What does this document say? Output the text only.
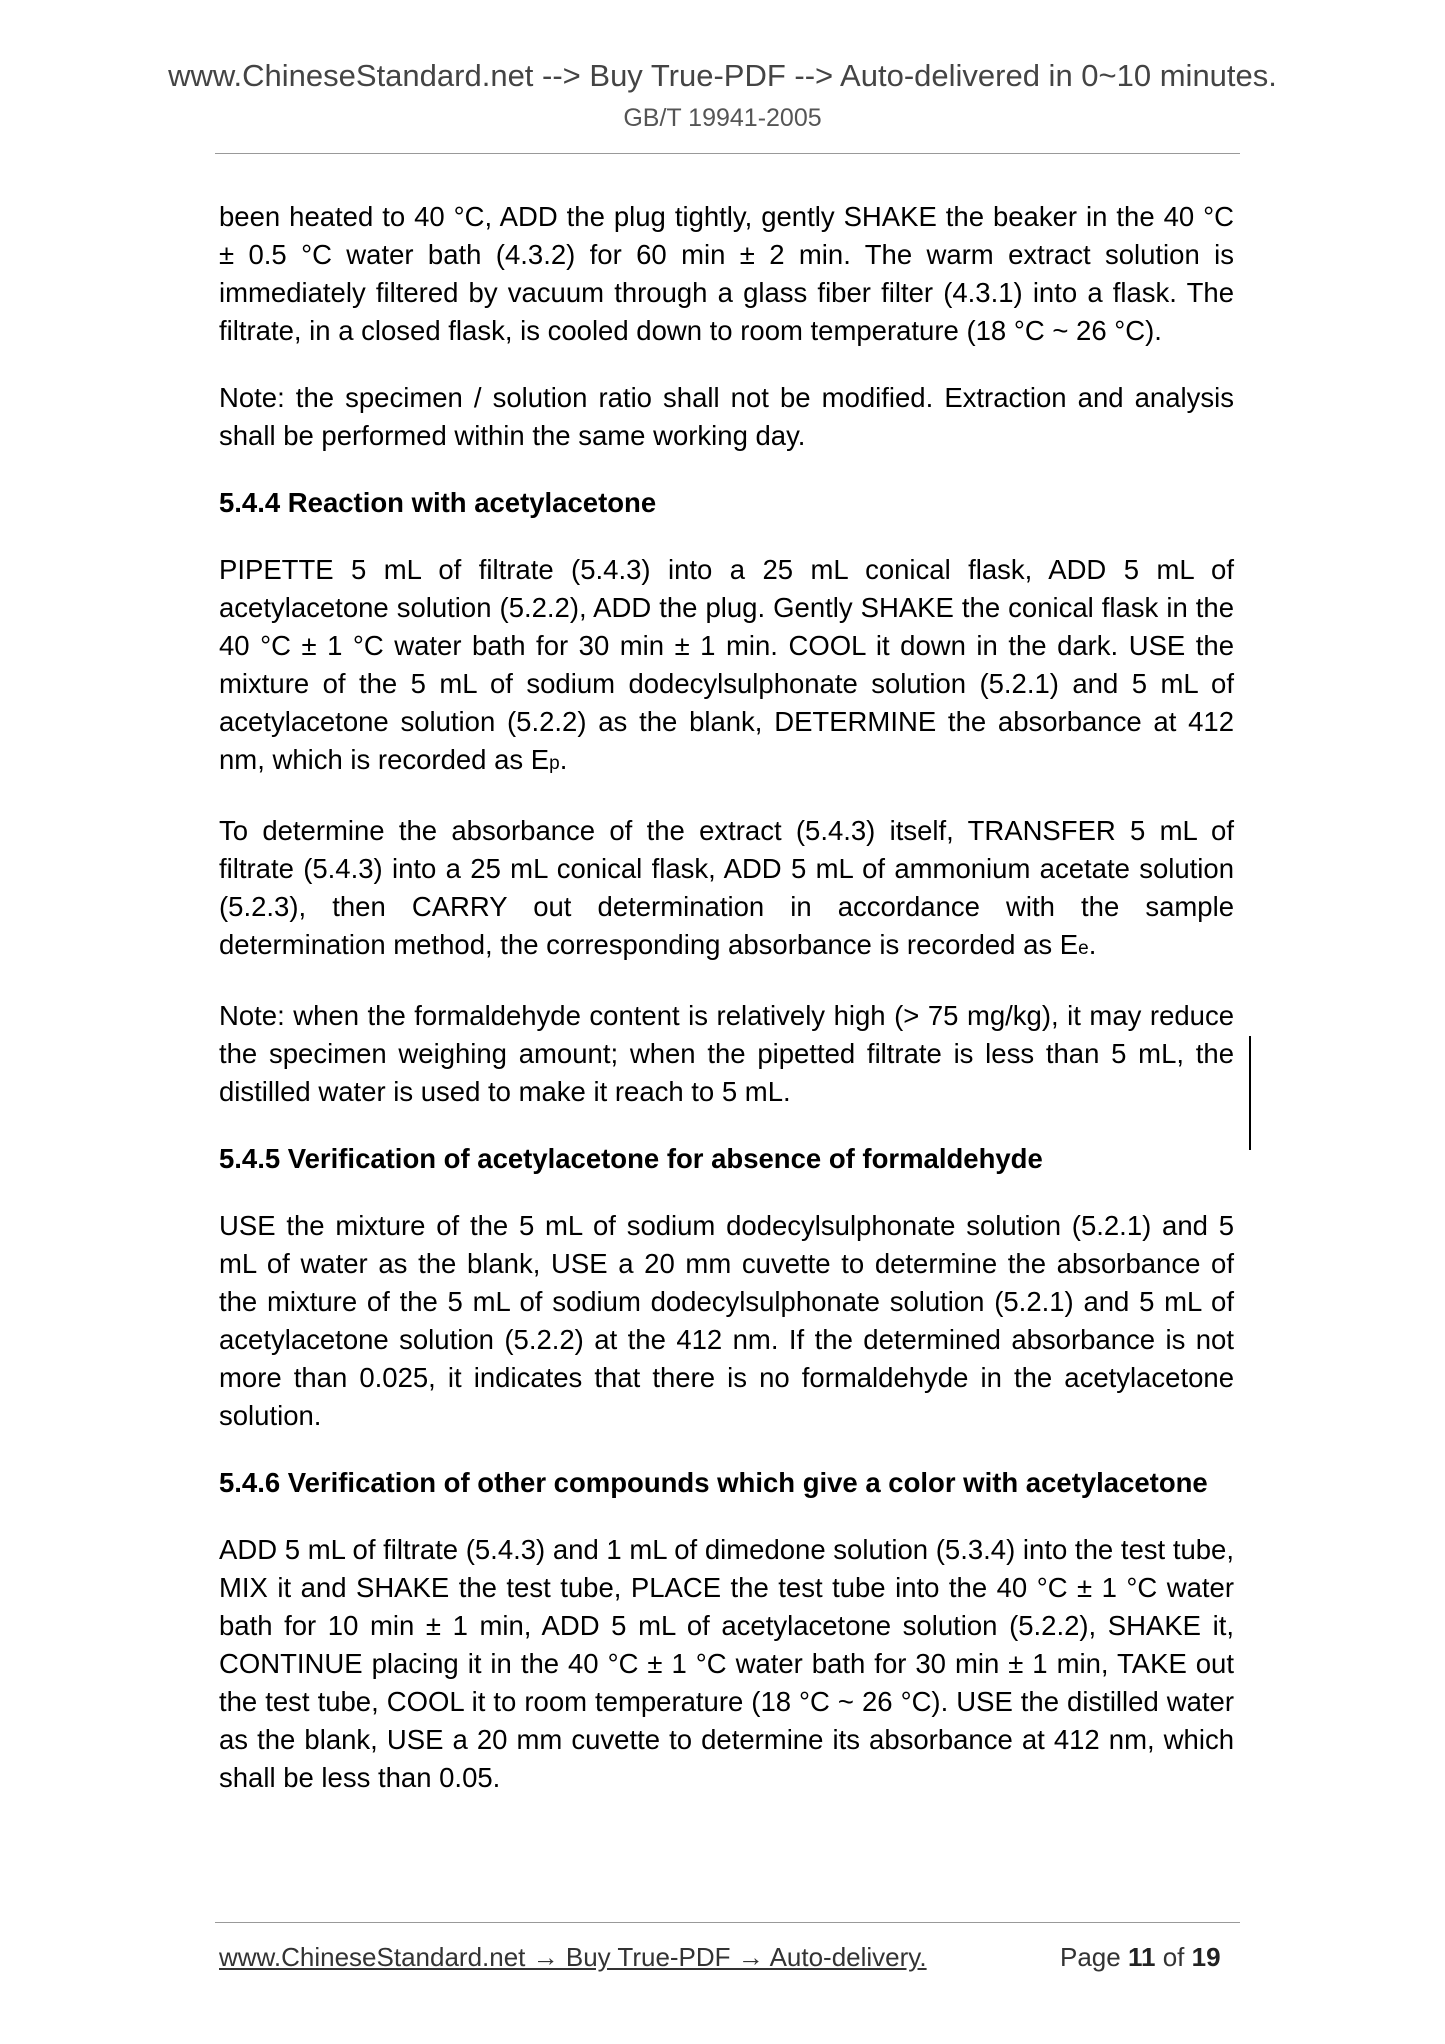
www.ChineseStandard.net --> Buy True-PDF --> Auto-delivered in 0~10 minutes.
GB/T 19941-2005

been heated to 40 °C, ADD the plug tightly, gently SHAKE the beaker in the 40 °C ± 0.5 °C water bath (4.3.2) for 60 min ± 2 min. The warm extract solution is immediately filtered by vacuum through a glass fiber filter (4.3.1) into a flask. The filtrate, in a closed flask, is cooled down to room temperature (18 °C ~ 26 °C).

Note: the specimen / solution ratio shall not be modified. Extraction and analysis shall be performed within the same working day.

5.4.4 Reaction with acetylacetone

PIPETTE 5 mL of filtrate (5.4.3) into a 25 mL conical flask, ADD 5 mL of acetylacetone solution (5.2.2), ADD the plug. Gently SHAKE the conical flask in the 40 °C ± 1 °C water bath for 30 min ± 1 min. COOL it down in the dark. USE the mixture of the 5 mL of sodium dodecylsulphonate solution (5.2.1) and 5 mL of acetylacetone solution (5.2.2) as the blank, DETERMINE the absorbance at 412 nm, which is recorded as Ep.

To determine the absorbance of the extract (5.4.3) itself, TRANSFER 5 mL of filtrate (5.4.3) into a 25 mL conical flask, ADD 5 mL of ammonium acetate solution (5.2.3), then CARRY out determination in accordance with the sample determination method, the corresponding absorbance is recorded as Ee.

Note: when the formaldehyde content is relatively high (> 75 mg/kg), it may reduce the specimen weighing amount; when the pipetted filtrate is less than 5 mL, the distilled water is used to make it reach to 5 mL.

5.4.5 Verification of acetylacetone for absence of formaldehyde

USE the mixture of the 5 mL of sodium dodecylsulphonate solution (5.2.1) and 5 mL of water as the blank, USE a 20 mm cuvette to determine the absorbance of the mixture of the 5 mL of sodium dodecylsulphonate solution (5.2.1) and 5 mL of acetylacetone solution (5.2.2) at the 412 nm. If the determined absorbance is not more than 0.025, it indicates that there is no formaldehyde in the acetylacetone solution.

5.4.6 Verification of other compounds which give a color with acetylacetone

ADD 5 mL of filtrate (5.4.3) and 1 mL of dimedone solution (5.3.4) into the test tube, MIX it and SHAKE the test tube, PLACE the test tube into the 40 °C ± 1 °C water bath for 10 min ± 1 min, ADD 5 mL of acetylacetone solution (5.2.2), SHAKE it, CONTINUE placing it in the 40 °C ± 1 °C water bath for 30 min ± 1 min, TAKE out the test tube, COOL it to room temperature (18 °C ~ 26 °C). USE the distilled water as the blank, USE a 20 mm cuvette to determine its absorbance at 412 nm, which shall be less than 0.05.

www.ChineseStandard.net → Buy True-PDF → Auto-delivery.	Page 11 of 19
